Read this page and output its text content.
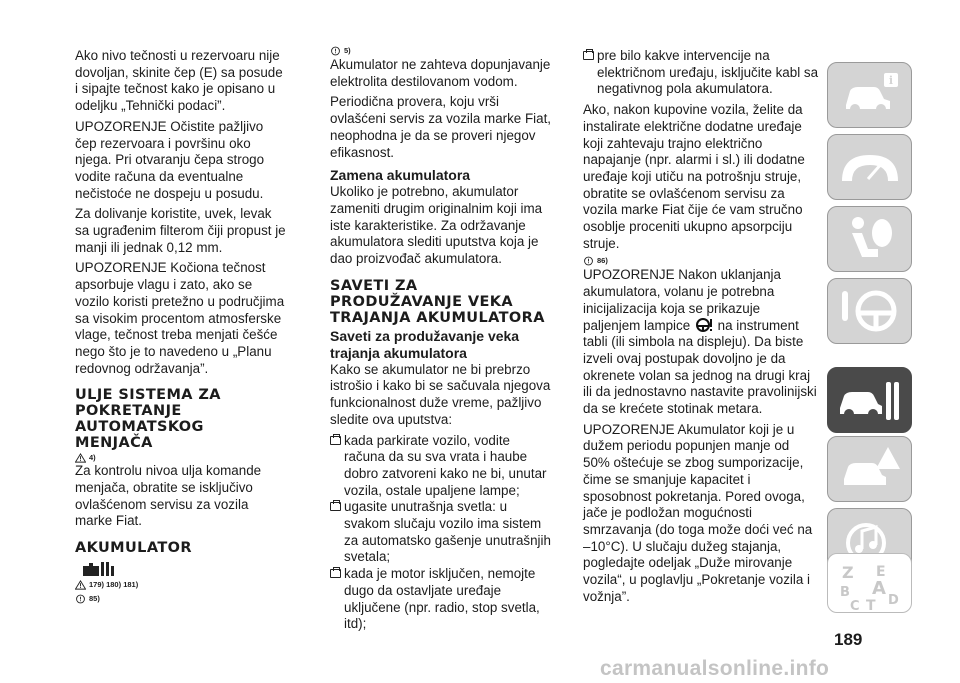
Ako nivo tečnosti u rezervoaru nije dovoljan, skinite čep (E) sa posude i sipajte tečnost kako je opisano u odeljku „Tehnički podaci”.

UPOZORENJE Očistite pažljivo čep rezervoara i površinu oko njega. Pri otvaranju čepa strogo vodite računa da eventualne nečistoće ne dospeju u posudu.

Za dolivanje koristite, uvek, levak sa ugrađenim filterom čiji propust je manji ili jednak 0,12 mm.

UPOZORENJE Kočiona tečnost apsorbuje vlagu i zato, ako se vozilo koristi pretežno u područjima sa visokim procentom atmosferske vlage, tečnost treba menjati češće nego što je to navedeno u „Planu redovnog održavanja”.

ULJE SISTEMA ZA POKRETANJE AUTOMATSKOG MENJAČA
4)

Za kontrolu nivoa ulja komande menjača, obratite se isključivo ovlašćenom servisu za vozila marke Fiat.

AKUMULATOR
179) 180) 181)
85)
5)

Akumulator ne zahteva dopunjavanje elektrolita destilovanom vodom.

Periodična provera, koju vrši ovlašćeni servis za vozila marke Fiat, neophodna je da se proveri njegov efikasnost.

Zamena akumulatora

Ukoliko je potrebno, akumulator zameniti drugim originalnim koji ima iste karakteristike. Za održavanje akumulatora slediti uputstva koja je dao proizvođač akumulatora.

SAVETI ZA PRODUŽAVANJE VEKA TRAJANJA AKUMULATORA
Saveti za produžavanje veka trajanja akumulatora

Kako se akumulator ne bi prebrzo istrošio i kako bi se sačuvala njegova funkcionalnost duže vreme, pažljivo sledite ova uputstva:

kada parkirate vozilo, vodite računa da su sva vrata i haube dobro zatvoreni kako ne bi, unutar vozila, ostale upaljene lampe;
ugasite unutrašnja svetla: u svakom slučaju vozilo ima sistem za automatsko gašenje unutrašnjih svetala;
kada je motor isključen, nemojte dugo da ostavljate uređaje uključene (npr. radio, stop svetla, itd);
pre bilo kakve intervencije na električnom uređaju, isključite kabl sa negativnog pola akumulatora.

Ako, nakon kupovine vozila, želite da instalirate električne dodatne uređaje koji zahtevaju trajno električno napajanje (npr. alarmi i sl.) ili dodatne uređaje koji utiču na potrošnju struje, obratite se ovlašćenom servisu za vozila marke Fiat čije će vam stručno osoblje proceniti ukupno apsorpciju struje.

86)

UPOZORENJE Nakon uklanjanja akumulatora, volanu je potrebna inicijalizacija koja se prikazuje paljenjem lampice na instrument tabli (ili simbola na displeju). Da biste izveli ovaj postupak dovoljno je da okrenete volan sa jednog na drugi kraj ili da jednostavno nastavite pravolinijski da se krećete stotinak metara.

UPOZORENJE Akumulator koji je u dužem periodu popunjen manje od 50% oštećuje se zbog sumporizacije, čime se smanjuje kapacitet i sposobnost pokretanja. Pored ovoga, jače je podložan mogućnosti smrzavanja (do toga može doći već na –10°C). U slučaju dužeg stajanja, pogledajte odeljak „Duže mirovanje vozila“, u poglavlju „Pokretanje vozila i vožnja”.

i
Z E
B A
D
C T
189
carmanualsonline.info
